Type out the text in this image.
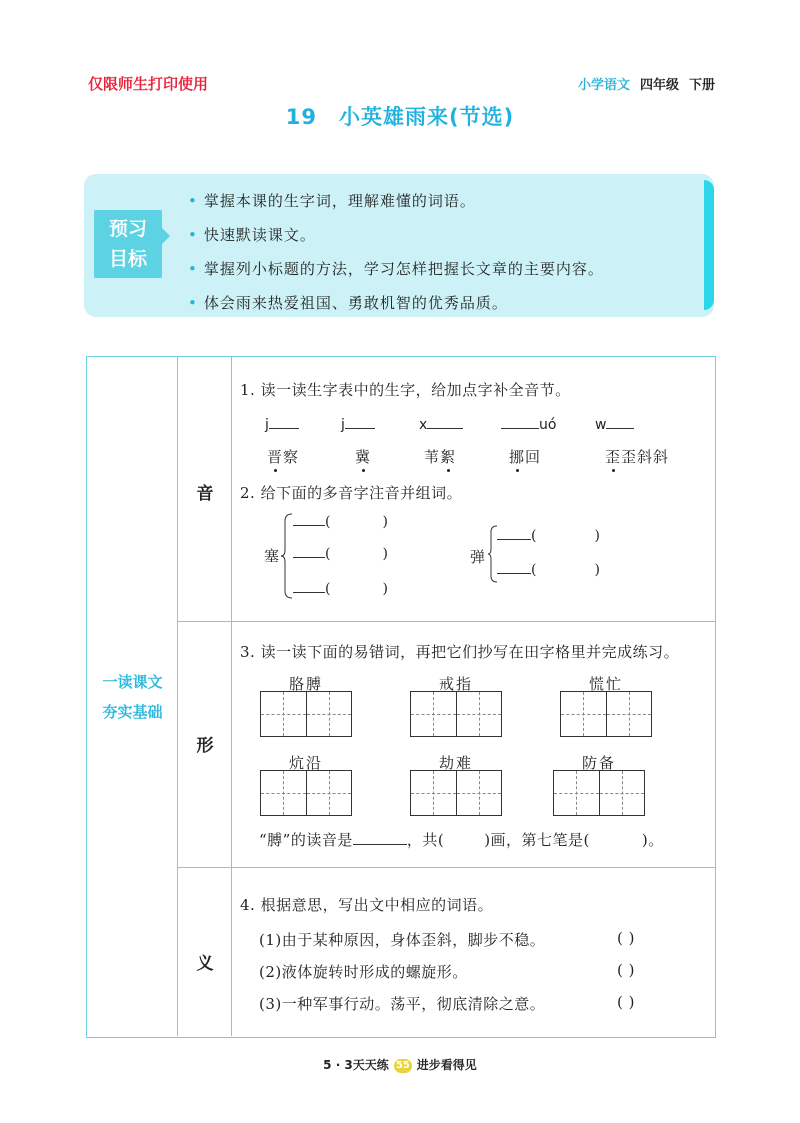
仅限师生打印使用	小学语文 四年级 下册
19 小英雄雨来(节选)
预习
目标
• 掌握本课的生字词，理解难懂的词语。
• 快速默读课文。
• 掌握列小标题的方法，学习怎样把握长文章的主要内容。
• 体会雨来热爱祖国、勇敢机智的优秀品质。
一读课文
夯实基础
音
形
义
1. 读一读生字表中的生字，给加点字补全音节。
j	j	x	uó	w
晋察	冀	苇絮	挪回	歪歪斜斜
2. 给下面的多音字注音并组词。
塞
(	)
(	)
(	)
弹
(	)
(	)
3. 读一读下面的易错词，再把它们抄写在田字格里并完成练习。
胳膊	戒指	慌忙
炕沿	劫难	防备
“膊”的读音是	，共(	)画，第七笔是(	)。
4. 根据意思，写出文中相应的词语。
(1)由于某种原因，身体歪斜，脚步不稳。	( )
(2)液体旋转时形成的螺旋形。	( )
(3)一种军事行动。荡平，彻底清除之意。	( )
5 · 3天天练 55 进步看得见
